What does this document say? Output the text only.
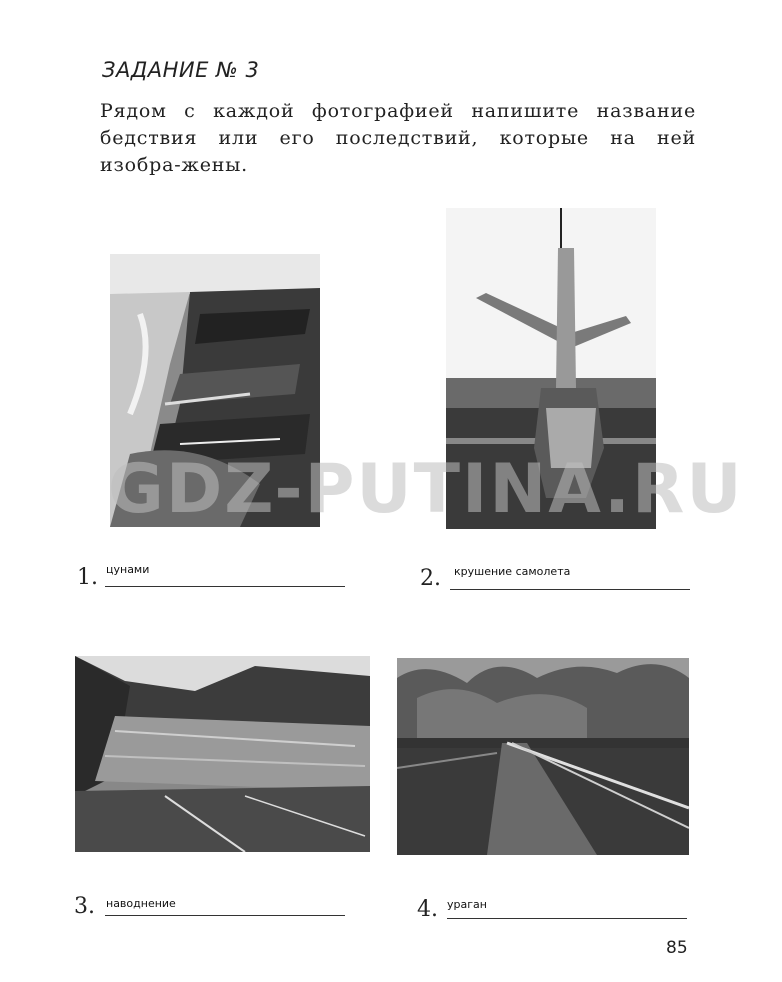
ЗАДАНИЕ № 3
Рядом с каждой фотографией напишите название бедствия или его последствий, которые на ней изобра-жены.
GDZ-PUTINA.RU
1. цунами	2. крушение самолета
3. наводнение	4. ураган
85
